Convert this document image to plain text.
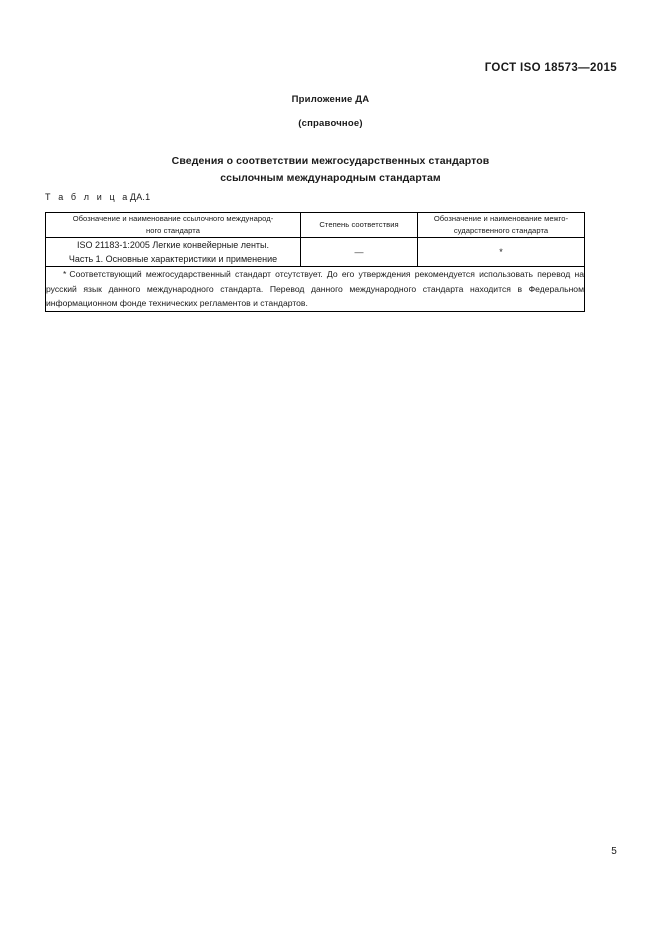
ГОСТ ISO 18573—2015
Приложение ДА
(справочное)
Сведения о соответствии межгосударственных стандартов
ссылочным международным стандартам
Т а б л и ц аДА.1
Обозначение и наименование ссылочного международ-
ного стандарта	Степень соответствия	Обозначение и наименование межго-
сударственного стандарта
ISO 21183-1:2005 Легкие конвейерные ленты.
Часть 1. Основные характеристики и применение	—	*
* Соответствующий межгосударственный стандарт отсутствует. До его утверждения рекомендуется использовать перевод на русский язык данного международного стандарта. Перевод данного международного стандарта находится в Федеральном информационном фонде технических регламентов и стандартов.		
5
